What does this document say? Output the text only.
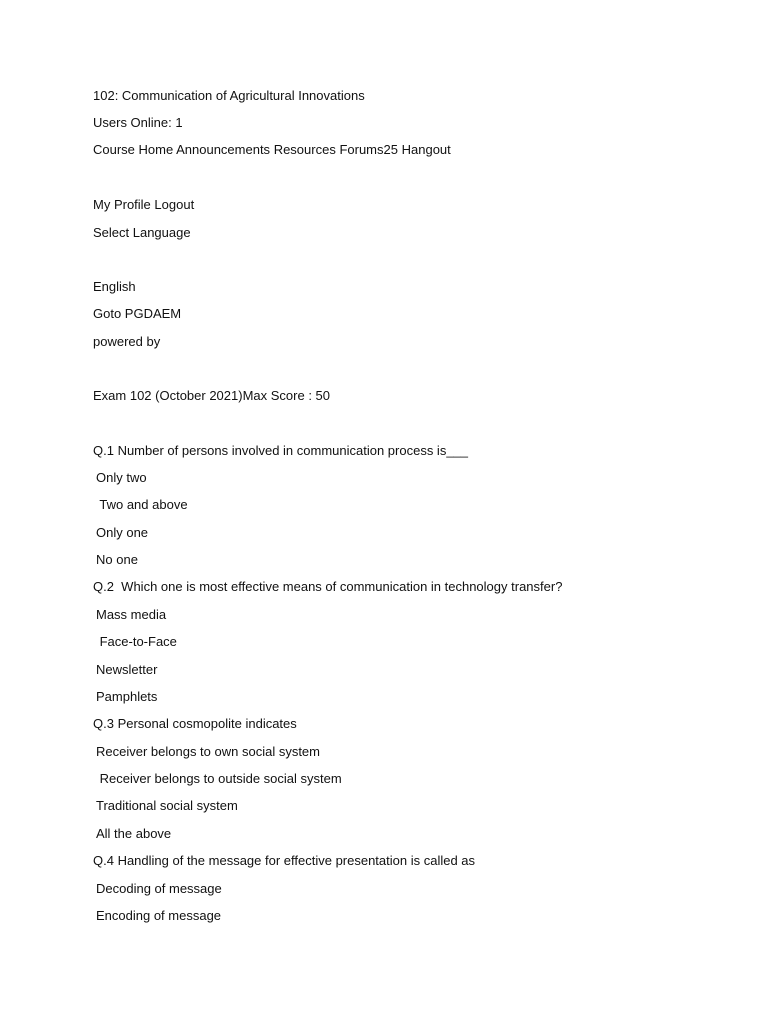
102: Communication of Agricultural Innovations
Users Online: 1
Course Home Announcements Resources Forums25 Hangout
My Profile Logout
Select Language
English
Goto PGDAEM
powered by
Exam 102 (October 2021)Max Score : 50
Q.1 Number of persons involved in communication process is___
Only two
Two and above
Only one
No one
Q.2  Which one is most effective means of communication in technology transfer?
Mass media
Face-to-Face
Newsletter
Pamphlets
Q.3 Personal cosmopolite indicates
Receiver belongs to own social system
Receiver belongs to outside social system
Traditional social system
All the above
Q.4 Handling of the message for effective presentation is called as
Decoding of message
Encoding of message
